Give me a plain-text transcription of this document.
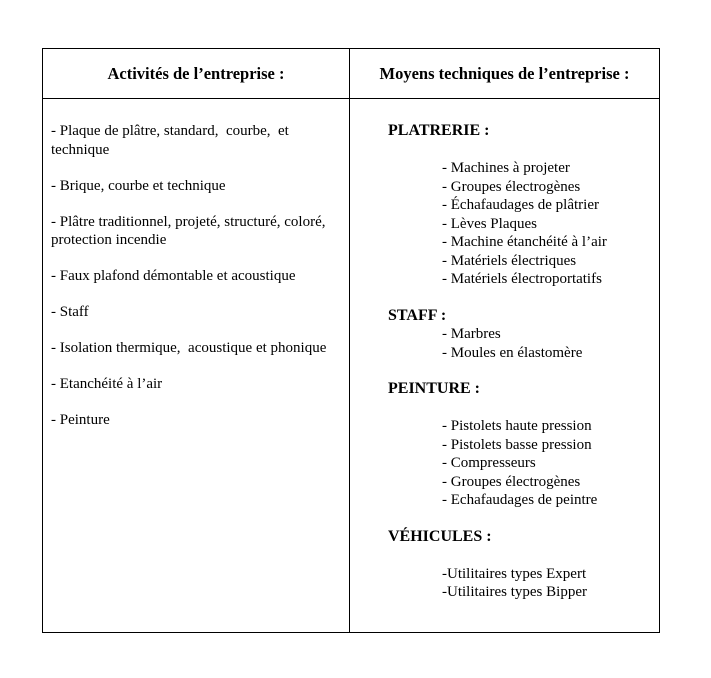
Activités de l’entreprise :	Moyens techniques de l’entreprise :

- Plaque de plâtre, standard,  courbe,  et technique

- Brique, courbe et technique

- Plâtre traditionnel, projeté, structuré, coloré,  protection incendie

- Faux plafond démontable et acoustique

- Staff

- Isolation thermique,  acoustique et phonique

- Etanchéité à l’air

- Peinture

PLATRERIE :

- Machines à projeter

- Groupes électrogènes

- Échafaudages de plâtrier

- Lèves Plaques

- Machine étanchéité à l’air

- Matériels électriques

- Matériels électroportatifs

STAFF :

- Marbres

- Moules en élastomère

PEINTURE :

- Pistolets haute pression

- Pistolets basse pression

- Compresseurs

- Groupes électrogènes

- Echafaudages de peintre

VÉHICULES :

-Utilitaires types Expert

-Utilitaires types Bipper
